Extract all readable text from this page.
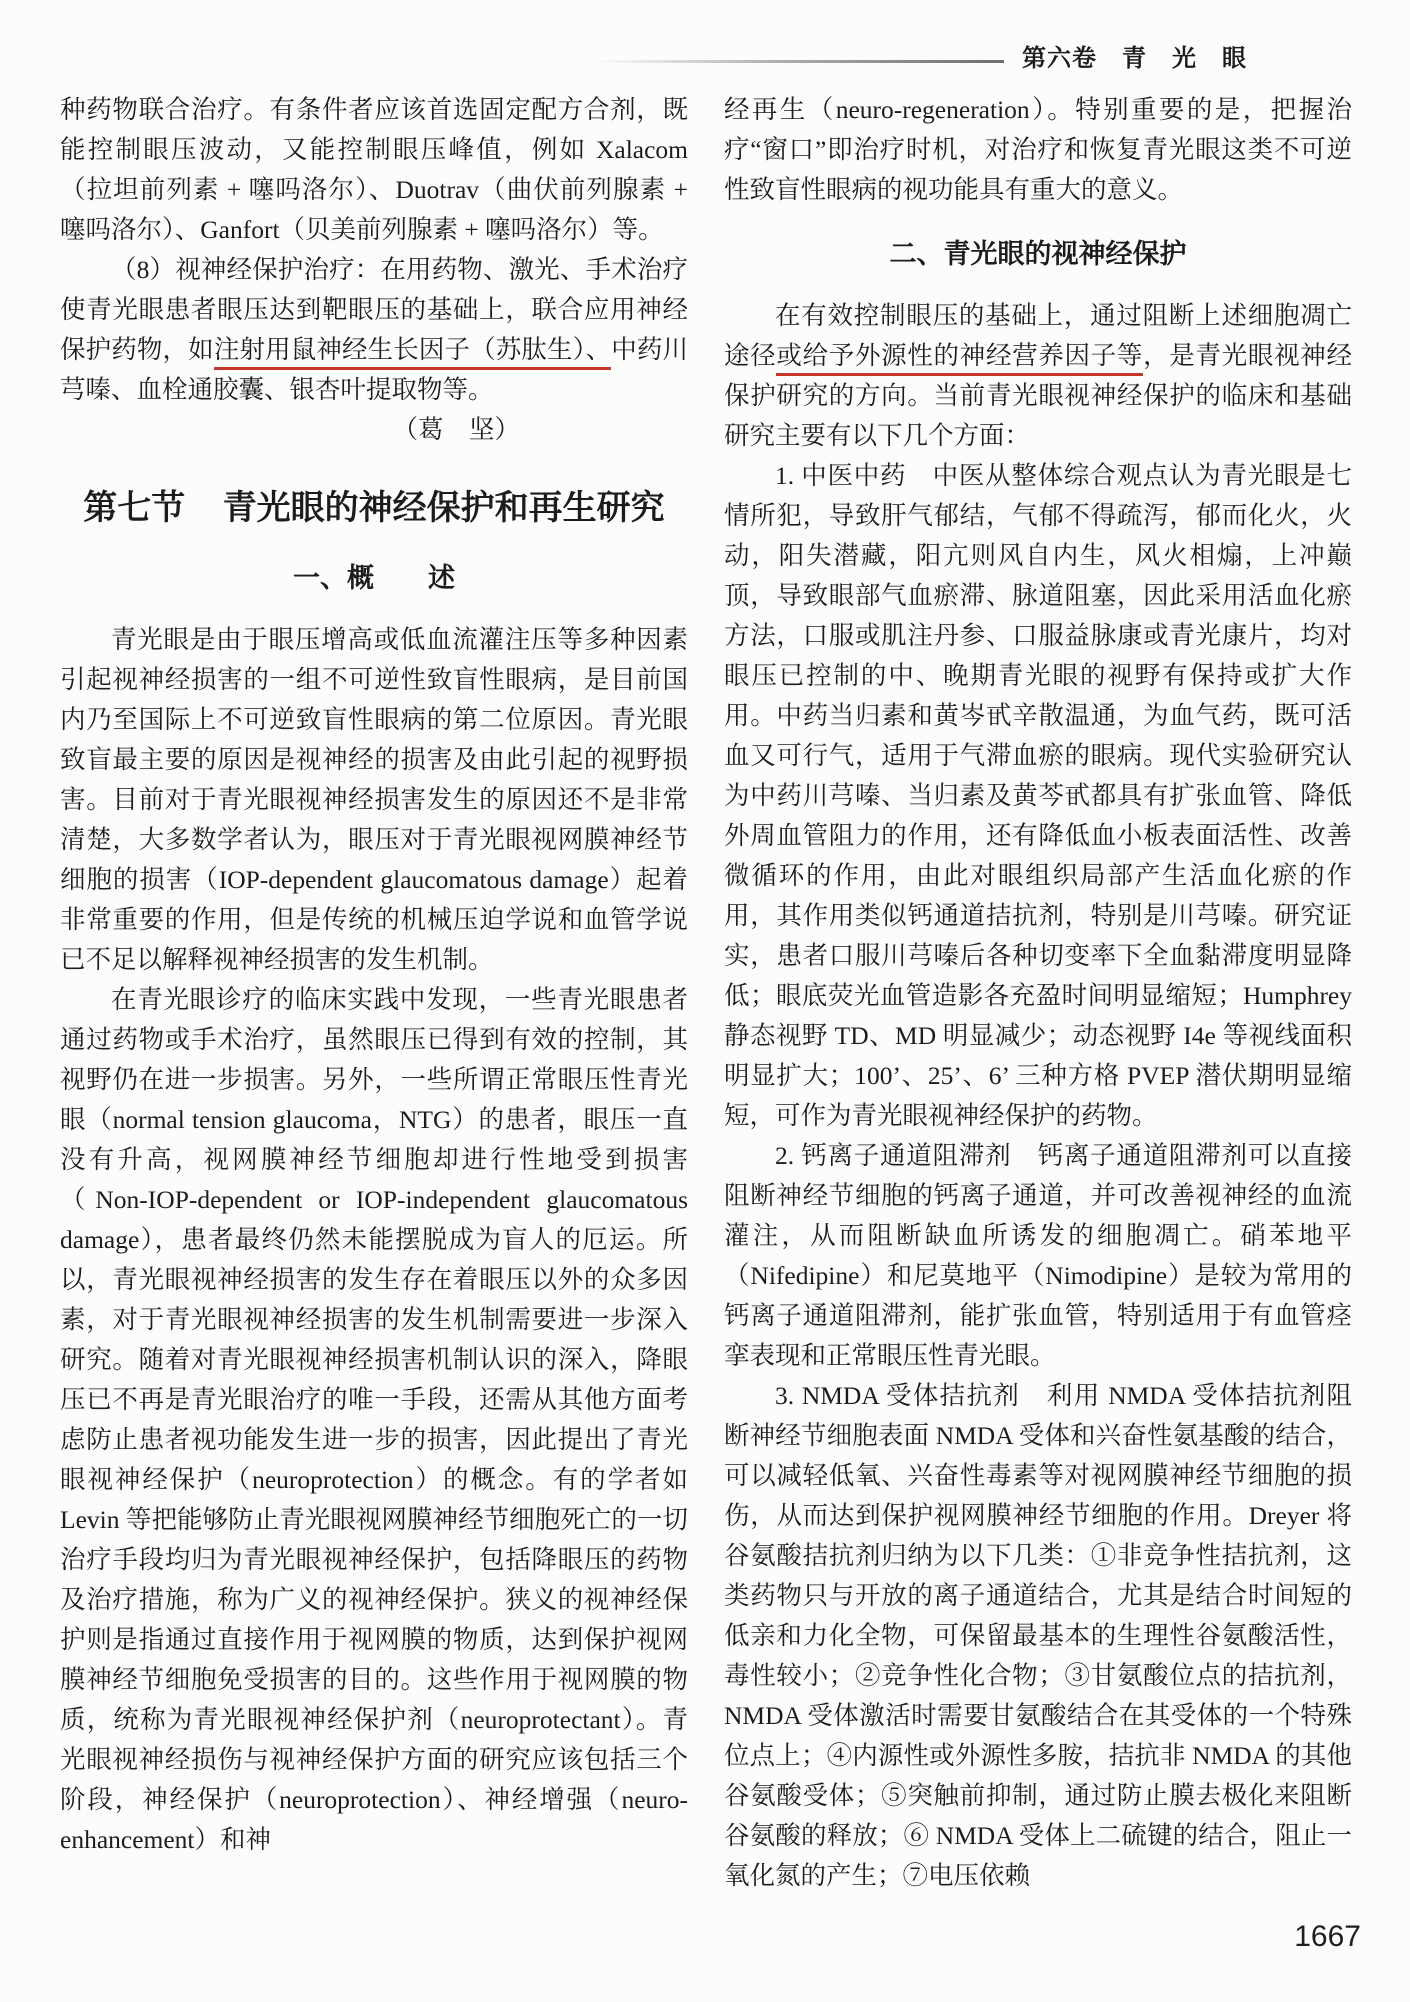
第六卷　青　光　眼

种药物联合治疗。有条件者应该首选固定配方合剂，既能控制眼压波动，又能控制眼压峰值，例如 Xalacom（拉坦前列素 + 噻吗洛尔）、Duotrav（曲伏前列腺素 + 噻吗洛尔）、Ganfort（贝美前列腺素 + 噻吗洛尔）等。

（8）视神经保护治疗：在用药物、激光、手术治疗使青光眼患者眼压达到靶眼压的基础上，联合应用神经保护药物，如注射用鼠神经生长因子（苏肽生）、中药川芎嗪、血栓通胶囊、银杏叶提取物等。

（葛　坚）

第七节 青光眼的神经保护和再生研究
一、概　　述

青光眼是由于眼压增高或低血流灌注压等多种因素引起视神经损害的一组不可逆性致盲性眼病，是目前国内乃至国际上不可逆致盲性眼病的第二位原因。青光眼致盲最主要的原因是视神经的损害及由此引起的视野损害。目前对于青光眼视神经损害发生的原因还不是非常清楚，大多数学者认为，眼压对于青光眼视网膜神经节细胞的损害（IOP-dependent glaucomatous damage）起着非常重要的作用，但是传统的机械压迫学说和血管学说已不足以解释视神经损害的发生机制。

在青光眼诊疗的临床实践中发现，一些青光眼患者通过药物或手术治疗，虽然眼压已得到有效的控制，其视野仍在进一步损害。另外，一些所谓正常眼压性青光眼（normal tension glaucoma，NTG）的患者，眼压一直没有升高，视网膜神经节细胞却进行性地受到损害（Non-IOP-dependent or IOP-independent glaucomatous damage），患者最终仍然未能摆脱成为盲人的厄运。所以，青光眼视神经损害的发生存在着眼压以外的众多因素，对于青光眼视神经损害的发生机制需要进一步深入研究。随着对青光眼视神经损害机制认识的深入，降眼压已不再是青光眼治疗的唯一手段，还需从其他方面考虑防止患者视功能发生进一步的损害，因此提出了青光眼视神经保护（neuroprotection）的概念。有的学者如 Levin 等把能够防止青光眼视网膜神经节细胞死亡的一切治疗手段均归为青光眼视神经保护，包括降眼压的药物及治疗措施，称为广义的视神经保护。狭义的视神经保护则是指通过直接作用于视网膜的物质，达到保护视网膜神经节细胞免受损害的目的。这些作用于视网膜的物质，统称为青光眼视神经保护剂（neuroprotectant）。青光眼视神经损伤与视神经保护方面的研究应该包括三个阶段，神经保护（neuroprotection）、神经增强（neuro-enhancement）和神

经再生（neuro-regeneration）。特别重要的是，把握治疗“窗口”即治疗时机，对治疗和恢复青光眼这类不可逆性致盲性眼病的视功能具有重大的意义。

二、青光眼的视神经保护

在有效控制眼压的基础上，通过阻断上述细胞凋亡途径或给予外源性的神经营养因子等，是青光眼视神经保护研究的方向。当前青光眼视神经保护的临床和基础研究主要有以下几个方面：

1. 中医中药　中医从整体综合观点认为青光眼是七情所犯，导致肝气郁结，气郁不得疏泻，郁而化火，火动，阳失潜藏，阳亢则风自内生，风火相煽，上冲巅顶，导致眼部气血瘀滞、脉道阻塞，因此采用活血化瘀方法，口服或肌注丹参、口服益脉康或青光康片，均对眼压已控制的中、晚期青光眼的视野有保持或扩大作用。中药当归素和黄岑甙辛散温通，为血气药，既可活血又可行气，适用于气滞血瘀的眼病。现代实验研究认为中药川芎嗪、当归素及黄芩甙都具有扩张血管、降低外周血管阻力的作用，还有降低血小板表面活性、改善微循环的作用，由此对眼组织局部产生活血化瘀的作用，其作用类似钙通道拮抗剂，特别是川芎嗪。研究证实，患者口服川芎嗪后各种切变率下全血黏滞度明显降低；眼底荧光血管造影各充盈时间明显缩短；Humphrey 静态视野 TD、MD 明显减少；动态视野 I4e 等视线面积明显扩大；100’、25’、6’ 三种方格 PVEP 潜伏期明显缩短，可作为青光眼视神经保护的药物。

2. 钙离子通道阻滞剂　钙离子通道阻滞剂可以直接阻断神经节细胞的钙离子通道，并可改善视神经的血流灌注，从而阻断缺血所诱发的细胞凋亡。硝苯地平（Nifedipine）和尼莫地平（Nimodipine）是较为常用的钙离子通道阻滞剂，能扩张血管，特别适用于有血管痉挛表现和正常眼压性青光眼。

3. NMDA 受体拮抗剂　利用 NMDA 受体拮抗剂阻断神经节细胞表面 NMDA 受体和兴奋性氨基酸的结合，可以减轻低氧、兴奋性毒素等对视网膜神经节细胞的损伤，从而达到保护视网膜神经节细胞的作用。Dreyer 将谷氨酸拮抗剂归纳为以下几类：①非竞争性拮抗剂，这类药物只与开放的离子通道结合，尤其是结合时间短的低亲和力化全物，可保留最基本的生理性谷氨酸活性，毒性较小；②竞争性化合物；③甘氨酸位点的拮抗剂，NMDA 受体激活时需要甘氨酸结合在其受体的一个特殊位点上；④内源性或外源性多胺，拮抗非 NMDA 的其他谷氨酸受体；⑤突触前抑制，通过防止膜去极化来阻断谷氨酸的释放；⑥ NMDA 受体上二硫键的结合，阻止一氧化氮的产生；⑦电压依赖

1667
